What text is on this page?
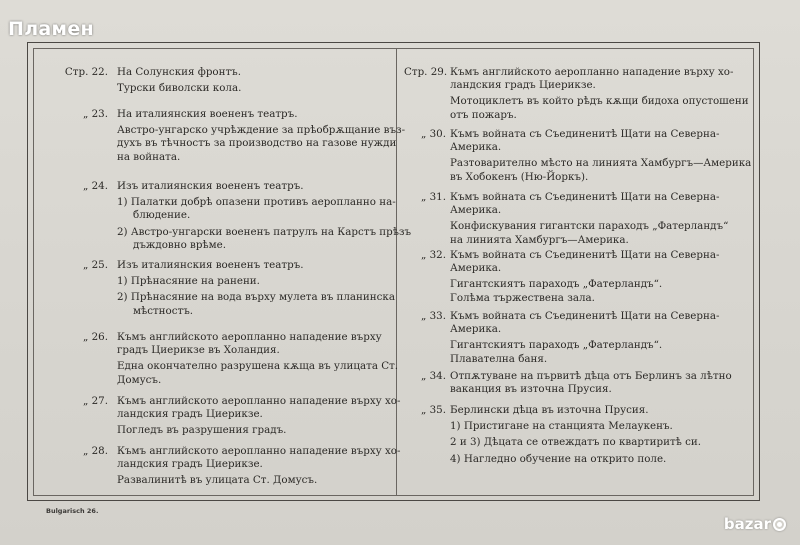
Пламен
Стр. 22. На Солунския фронтъ.
Турски биволски кола.
„ 23. На италиянския воененъ театръ.
Австро-унгарско учрѣждение за прѣобрѫщание въз-
духъ въ тѣчностъ за производство на газове нужди
на войната.
„ 24. Изъ италиянския воененъ театръ.
1) Палатки добрѣ опазени противъ аеропланно на-
блюдение.
2) Австро-унгарски воененъ патрулъ на Карстъ прѣзъ
дъждовно врѣме.
„ 25. Изъ италиянския воененъ театръ.
1) Прѣнасяние на ранени.
2) Прѣнасяние на вода върху мулета въ планинска
мѣстностъ.
„ 26. Къмъ английското аеропланно нападение върху
градъ Циерикзе въ Холандия.
Една окончателно разрушена кѫща въ улицата Ст.
Домусъ.
„ 27. Къмъ английското аеропланно нападение върху хо-
ландския градъ Циерикзе.
Погледъ въ разрушения градъ.
„ 28. Къмъ английското аеропланно нападение върху хо-
ландския градъ Циерикзе.
Развалинитѣ въ улицата Ст. Домусъ.
Стр. 29. Къмъ английското аеропланно нападение върху хо-
ландския градъ Циерикзе.
Мотоциклетъ въ който рѣдъ кѫщи бидоха опустошени
отъ пожаръ.
„ 30. Къмъ войната съ Съединенитѣ Щати на Северна-
Америка.
Разтоварително мѣсто на линията Хамбургъ—Америка
въ Хобокенъ (Ню-Йоркъ).
„ 31. Къмъ войната съ Съединенитѣ Щати на Северна-
Америка.
Конфискувания гигантски параходъ „Фатерландъ“
на линията Хамбургъ—Америка.
„ 32. Къмъ войната съ Съединенитѣ Щати на Северна-
Америка.
Гигантскиятъ параходъ „Фатерландъ“.
Голѣма тържествена зала.
„ 33. Къмъ войната съ Съединенитѣ Щати на Северна-
Америка.
Гигантскиятъ параходъ „Фатерландъ“.
Плавателна баня.
„ 34. Отпѫтуване на първитѣ дѣца отъ Берлинъ за лѣтно
ваканция въ източна Прусия.
„ 35. Берлински дѣца въ източна Прусия.
1) Пристигане на станцията Мелаукенъ.
2 и 3) Дѣцата се отвеждатъ по квартиритѣ си.
4) Нагледно обучение на открито поле.
Bulgarisch 26.
bazar
